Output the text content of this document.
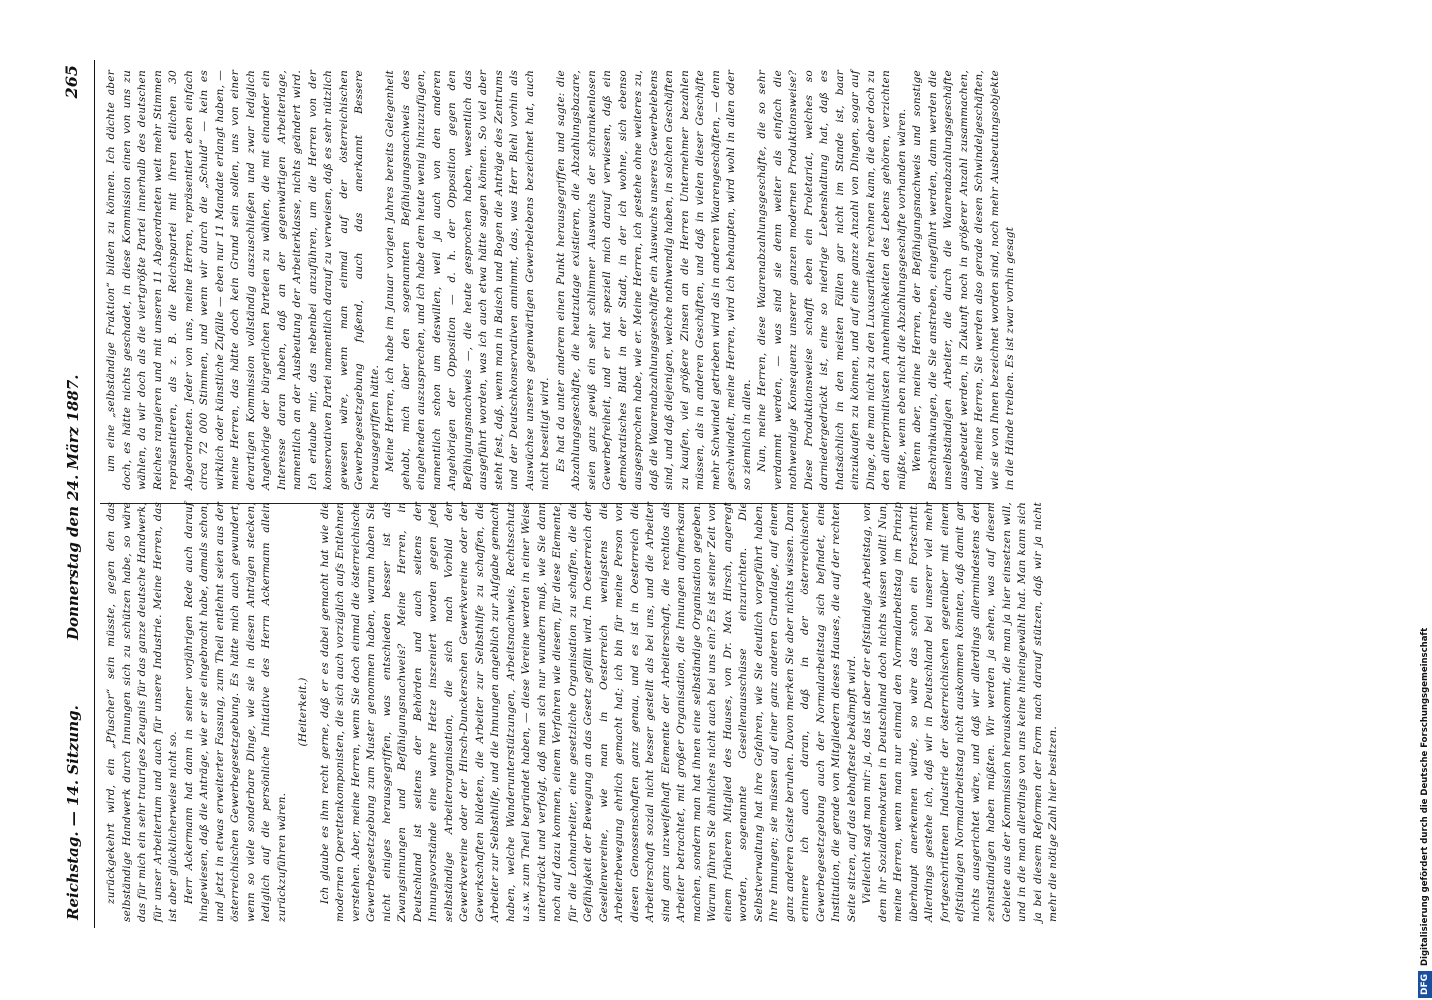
Reichstag. — 14. Sitzung.
Donnerstag den 24. März 1887.
265

zurückgekehrt wird, ein „Pfuscher“ sein müsste, gegen den das selbständige Handwerk durch Innungen sich zu schützen habe, so wäre das für mich ein sehr trauriges Zeugnis für das ganze deutsche Handwerk, für unser Arbeitertum und auch für unsere Industrie. Meine Herren, das ist aber glücklicherweise nicht so. Herr Ackermann hat dann in seiner vorjährigen Rede auch darauf hingewiesen, daß die Anträge, wie er sie eingebracht habe, damals schon, und jetzt in etwas erweiterter Fassung, zum Theil entlehnt seien aus der österreichischen Gewerbegesetzgebung. Es hätte mich auch gewundert, wenn so viele sonderbare Dinge, wie sie in diesen Anträgen stecken, lediglich auf die persönliche Initiative des Herrn Ackermann allein zurückzuführen wären.

(Heiterkeit.) Ich glaube es ihm recht gerne, daß er es dabei gemacht hat wie die modernen Operettenkomponisten, die sich auch vorzüglich aufs Entlehnen verstehen. Aber, meine Herren, wenn Sie doch einmal die österreichische Gewerbegesetzgebung zum Muster genommen haben, warum haben Sie nicht einiges herausgegriffen, was entschieden besser ist als Zwangsinnungen und Befähigungsnachweis? Meine Herren, in Deutschland ist seitens der Behörden und auch seitens der Innungsvorstände eine wahre Hetze inszeniert worden gegen jede selbständige Arbeiterorganisation, die sich nach Vorbild der Gewerkvereine oder der Hirsch-Dunckerschen Gewerkvereine oder der Gewerkschaften bildeten, die Arbeiter zur Selbsthilfe zu schaffen, die Arbeiter zur Selbsthilfe, und die Innungen angeblich zur Aufgabe gemacht haben, welche Wanderunterstützungen, Arbeitsnachweis, Rechtsschutz u.s.w. zum Theil begründet haben, — diese Vereine werden in einer Weise unterdrückt und verfolgt, daß man sich nur wundern muß, wie Sie dann noch auf dazu kommen, einem Verfahren wie diesem, für diese Elemente, für die Lohnarbeiter, eine gesetzliche Organisation zu schaffen, die die Gefähigkeit der Bewegung an das Gesetz gefällt wird. Im Oesterreich der Gesellenvereine, wie man in Oesterreich wenigstens die Arbeiterbewegung ehrlich gemacht hat; ich bin für meine Person von diesen Genossenschaften ganz genau, und es ist in Oesterreich die Arbeiterschaft sozial nicht besser gestellt als bei uns, und die Arbeiter sind ganz unzweifelhaft Elemente der Arbeiterschaft, die rechtlos als Arbeiter betrachtet, mit großer Organisation, die Innungen aufmerksam machen, sondern man hat ihnen eine selbständige Organisation gegeben. Warum führen Sie ähnliches nicht auch bei uns ein? Es ist seiner Zeit von einem früheren Mitglied des Hauses, von Dr. Max Hirsch, angeregt worden, sogenannte Gesellenausschüsse einzurichten. Die Selbstverwaltung hat ihre Gefahren, wie Sie deutlich vorgeführt haben. Ihre Innungen; sie müssen auf einer ganz anderen Grundlage, auf einem ganz anderen Geiste beruhen. Davon merken Sie aber nichts wissen. Dann erinnere ich auch daran, daß in der österreichischen Gewerbegesetzgebung auch der Normalarbeitstag sich befindet, eine Institution, die gerade von Mitgliedern dieses Hauses, die auf der rechten Seite sitzen, auf das lebhafteste bekämpft wird. Vielleicht sagt man mir: ja, das ist aber der elfstündige Arbeitstag, von dem ihr Sozialdemokraten in Deutschland doch nichts wissen wollt! Nun, meine Herren, wenn man nur einmal den Normalarbeitstag im Prinzip überhaupt anerkennen würde, so wäre das schon ein Fortschritt. Allerdings gestehe ich, daß wir in Deutschland bei unserer viel mehr fortgeschrittenen Industrie der österreichischen gegenüber mit einem elfstündigen Normalarbeitstag nicht auskommen könnten, daß damit gar nichts ausgerichtet wäre, und daß wir allerdings allermindestens den zehnstündigen haben müßten. Wir werden ja sehen, was auf diesem Gebiete aus der Kommission herauskommt, die man ja hier einsetzen will, und in die man allerdings von uns keine hineingewählt hat. Man kann sich ja bei diesem Reformen der Form nach darauf stützen, daß wir ja nicht mehr die nötige Zahl hier besitzen.

um eine „selbständige Fraktion“ bilden zu können. Ich dächte aber doch, es hätte nichts geschadet, in diese Kommission einen von uns zu wählen, da wir doch als die viertgrößte Partei innerhalb des deutschen Reiches rangieren und mit unseren 11 Abgeordneten weit mehr Stimmen repräsentieren, als z. B. die Reichspartei mit ihren etlichen 30 Abgeordneten. Jeder von uns, meine Herren, repräsentiert eben einfach circa 72 000 Stimmen, und wenn wir durch die „Schuld“ — kein es wirklich oder künstliche Zufälle — eben nur 11 Mandate erlangt haben, — meine Herren, das hätte doch kein Grund sein sollen, uns von einer derartigen Kommission vollständig auszuschließen und zwar lediglich Angehörige der bürgerlichen Parteien zu wählen, die mit einander ein Interesse daran haben, daß an der gegenwärtigen Arbeiterlage, namentlich an der Ausbeutung der Arbeiterklasse, nichts geändert wird. Ich erlaube mir, das nebenbei anzuführen, um die Herren von der konservativen Partei namentlich darauf zu verweisen, daß es sehr nützlich gewesen wäre, wenn man einmal auf der österreichischen Gewerbegesetzgebung fußend, auch das anerkannt Bessere herausgegriffen hätte. Meine Herren, ich habe im Januar vorigen Jahres bereits Gelegenheit gehabt, mich über den sogenannten Befähigungsnachweis des eingehenden auszusprechen, und ich habe dem heute wenig hinzuzufügen, namentlich schon um deswillen, weil ja auch von den anderen Angehörigen der Opposition — d. h. der Opposition gegen den Befähigungsnachweis —, die heute gesprochen haben, wesentlich das ausgeführt worden, was ich auch etwa hätte sagen können. So viel aber steht fest, daß, wenn man in Baisch und Bogen die Anträge des Zentrums und der Deutschkonservativen annimmt, das, was Herr Biehl vorhin als Auswüchse unseres gegenwärtigen Gewerbelebens bezeichnet hat, auch nicht beseitigt wird. Es hat da unter anderem einen Punkt herausgegriffen und sagte: die Abzahlungsgeschäfte, die heutzutage existieren, die Abzahlungsbazare, seien ganz gewiß ein sehr schlimmer Auswuchs der schrankenlosen Gewerbefreiheit, und er hat speziell mich darauf verwiesen, daß ein demokratisches Blatt in der Stadt, in der ich wohne, sich ebenso ausgesprochen habe, wie er. Meine Herren, ich gestehe ohne weiteres zu, daß die Waarenabzahlungsgeschäfte ein Auswuchs unseres Gewerbelebens sind, und daß diejenigen, welche nothwendig haben, in solchen Geschäften zu kaufen, viel größere Zinsen an die Herren Unternehmer bezahlen müssen, als in anderen Geschäften, und daß in vielen dieser Geschäfte mehr Schwindel getrieben wird als in anderen Waarengeschäften, — denn geschwindelt, meine Herren, wird ich behaupten, wird wohl in allen oder so ziemlich in allen. Nun, meine Herren, diese Waarenabzahlungsgeschäfte, die so sehr verdammt werden, — was sind sie denn weiter als einfach die nothwendige Konsequenz unserer ganzen modernen Produktionsweise? Diese Produktionsweise schafft eben ein Proletariat, welches so darniedergedrückt ist, eine so niedrige Lebenshaltung hat, daß es thatsächlich in den meisten Fällen gar nicht im Stande ist, baar einzukaufen zu können, und auf eine ganze Anzahl von Dingen, sogar auf Dinge, die man nicht zu den Luxusartikeln rechnen kann, die aber doch zu den allerprimitivsten Annehmlichkeiten des Lebens gehören, verzichten müßte, wenn eben nicht die Abzahlungsgeschäfte vorhanden wären. Wenn aber, meine Herren, der Befähigungsnachweis und sonstige Beschränkungen, die Sie anstreben, eingeführt werden, dann werden die unselbständigen Arbeiter, die durch die Waarenabzahlungsgeschäfte ausgebeutet werden, in Zukunft noch in größerer Anzahl zusammachen, und, meine Herren, Sie werden also gerade diesen Schwindelgeschäften, wie sie von Ihnen bezeichnet worden sind, noch mehr Ausbeutungsobjekte in die Hände treiben. Es ist zwar vorhin gesagt

DFG
Digitalisierung gefördert durch die Deutsche Forschungsgemeinschaft
